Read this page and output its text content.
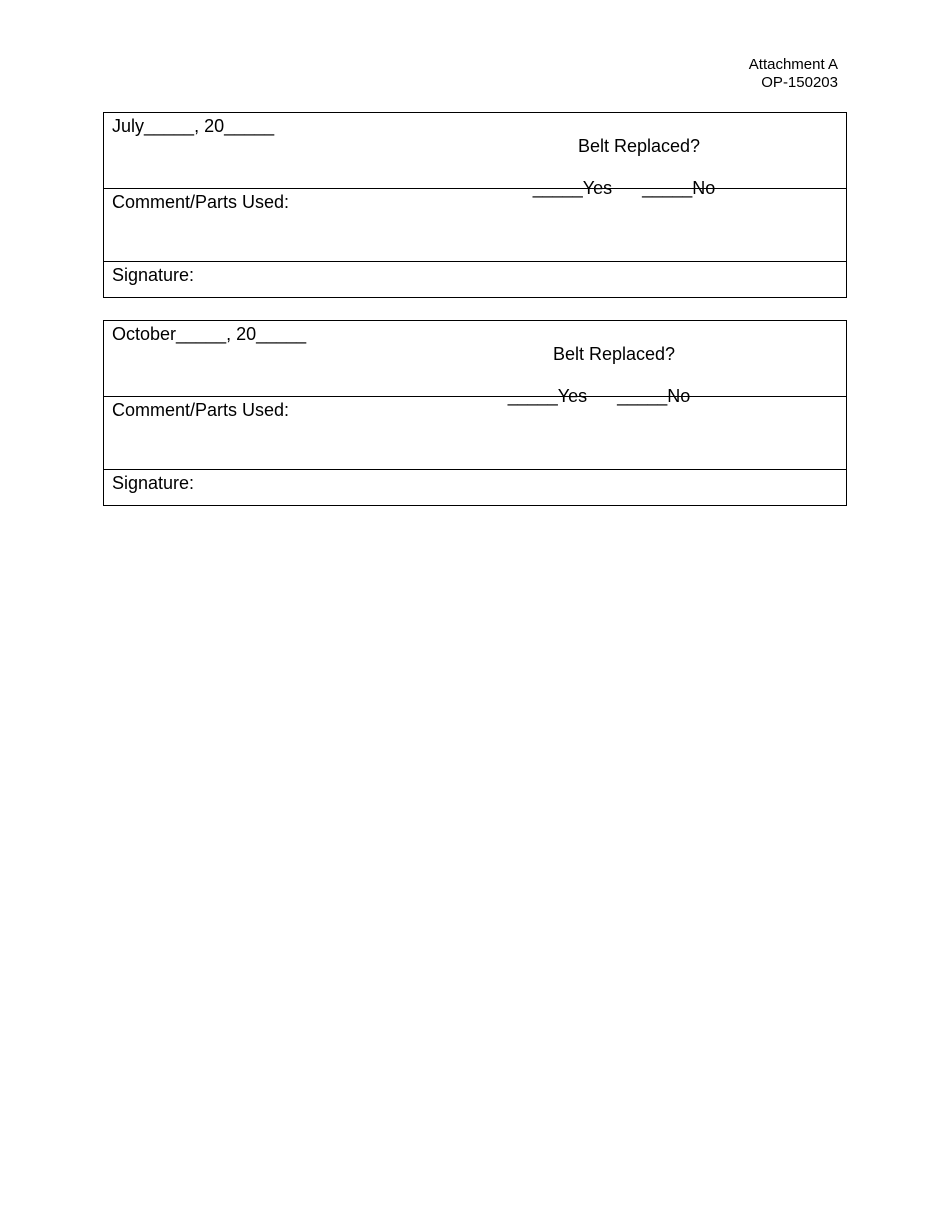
Attachment A
OP-150203
July_____, 20_____

Belt Replaced?

_____Yes _____No

Comment/Parts Used:
Signature:
October_____, 20_____

Belt Replaced?

_____Yes _____No

Comment/Parts Used:
Signature:
